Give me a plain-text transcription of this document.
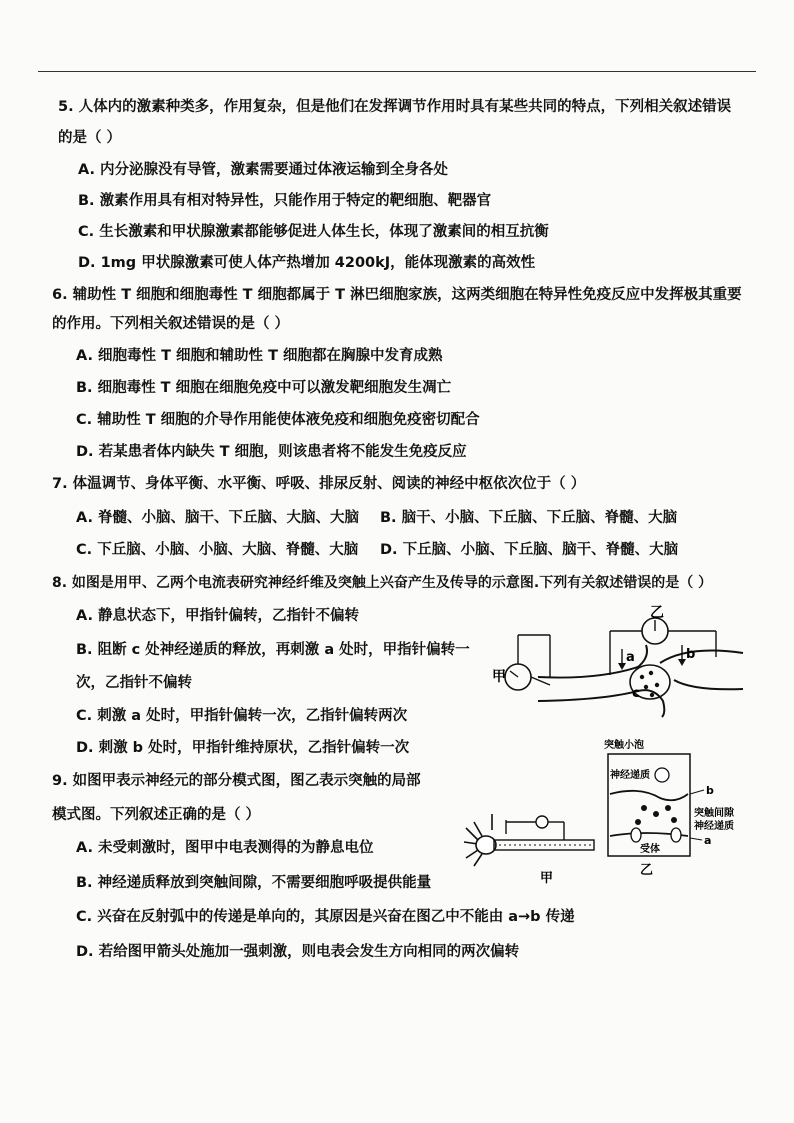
5. 人体内的激素种类多，作用复杂，但是他们在发挥调节作用时具有某些共同的特点，下列相关叙述错误
的是（ ）
A. 内分泌腺没有导管，激素需要通过体液运输到全身各处
B. 激素作用具有相对特异性，只能作用于特定的靶细胞、靶器官
C. 生长激素和甲状腺激素都能够促进人体生长，体现了激素间的相互抗衡
D. 1mg 甲状腺激素可使人体产热增加 4200kJ，能体现激素的高效性
6. 辅助性 T 细胞和细胞毒性 T 细胞都属于 T 淋巴细胞家族，这两类细胞在特异性免疫反应中发挥极其重要
的作用。下列相关叙述错误的是（ ）
A. 细胞毒性 T 细胞和辅助性 T 细胞都在胸腺中发育成熟
B. 细胞毒性 T 细胞在细胞免疫中可以激发靶细胞发生凋亡
C. 辅助性 T 细胞的介导作用能使体液免疫和细胞免疫密切配合
D. 若某患者体内缺失 T 细胞，则该患者将不能发生免疫反应
7. 体温调节、身体平衡、水平衡、呼吸、排尿反射、阅读的神经中枢依次位于（ ）
A. 脊髓、小脑、脑干、下丘脑、大脑、大脑 B. 脑干、小脑、下丘脑、下丘脑、脊髓、大脑
C. 下丘脑、小脑、小脑、大脑、脊髓、大脑 D. 下丘脑、小脑、下丘脑、脑干、脊髓、大脑
8. 如图是用甲、乙两个电流表研究神经纤维及突触上兴奋产生及传导的示意图.下列有关叙述错误的是（ ）
A. 静息状态下，甲指针偏转，乙指针不偏转
B. 阻断 c 处神经递质的释放，再刺激 a 处时，甲指针偏转一
次，乙指针不偏转
C. 刺激 a 处时，甲指针偏转一次，乙指针偏转两次
D. 刺激 b 处时，甲指针维持原状，乙指针偏转一次
甲
乙
a	b
c
9. 如图甲表示神经元的部分模式图，图乙表示突触的局部
模式图。下列叙述正确的是（ ）
A. 未受刺激时，图甲中电表测得的为静息电位
B. 神经递质释放到突触间隙，不需要细胞呼吸提供能量
C. 兴奋在反射弧中的传递是单向的，其原因是兴奋在图乙中不能由 a→b 传递
D. 若给图甲箭头处施加一强刺激，则电表会发生方向相同的两次偏转
甲
突触小泡
神经递质
受体
b
突触间隙
神经递质
a
乙
